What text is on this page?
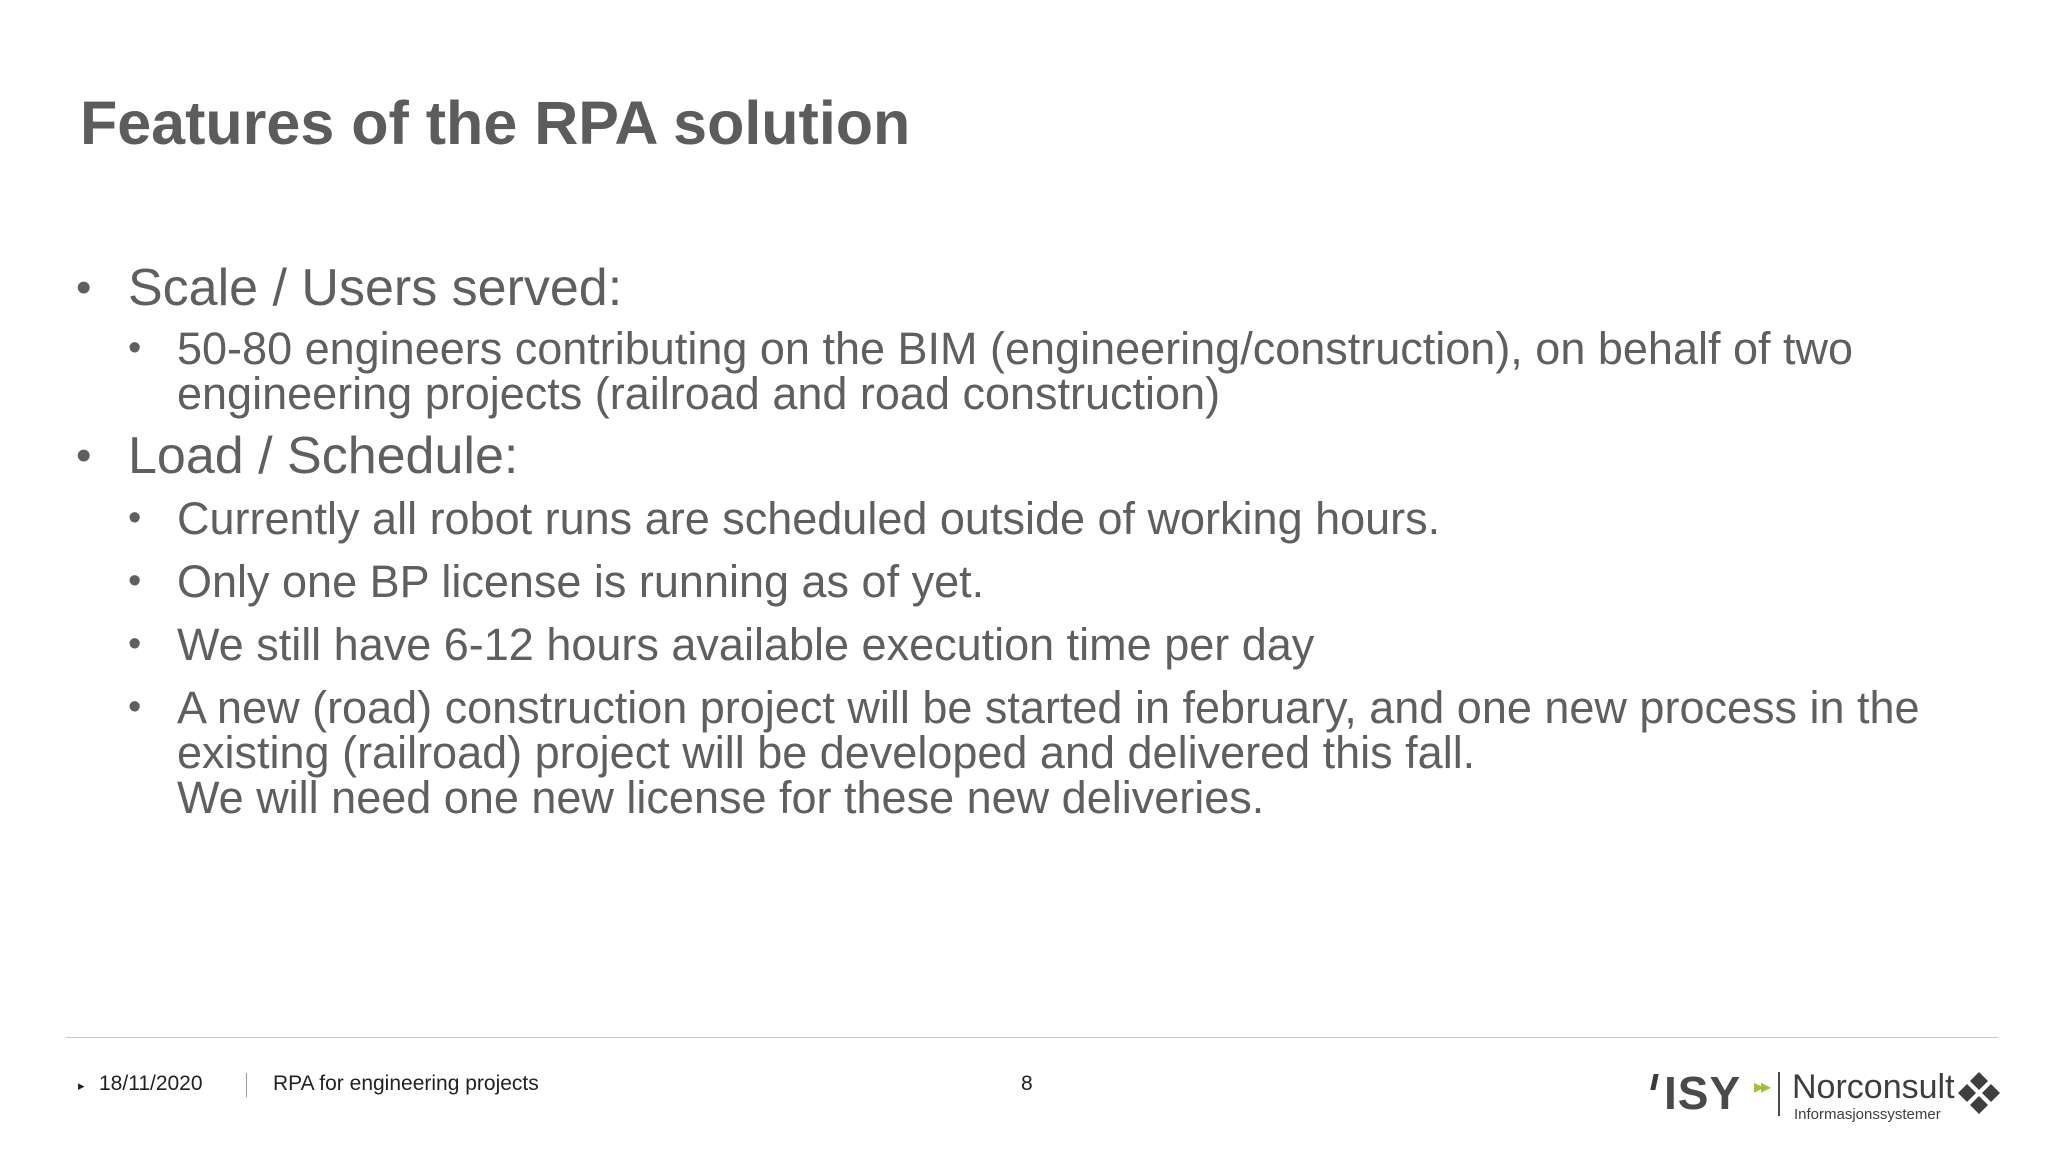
Features of the RPA solution
• Scale / Users served:
• 50-80 engineers contributing on the BIM (engineering/construction), on behalf of two engineering projects (railroad and road construction)
• Load / Schedule:
• Currently all robot runs are scheduled outside of working hours.
• Only one BP license is running as of yet.
• We still have 6-12 hours available execution time per day
• A new (road) construction project will be started in february, and one new process in the existing (railroad) project will be developed and delivered this fall.
We will need one new license for these new deliveries.
▸ 18/11/2020	RPA for engineering projects	8	ISY ▸▸ Norconsult
Informasjonssystemer
